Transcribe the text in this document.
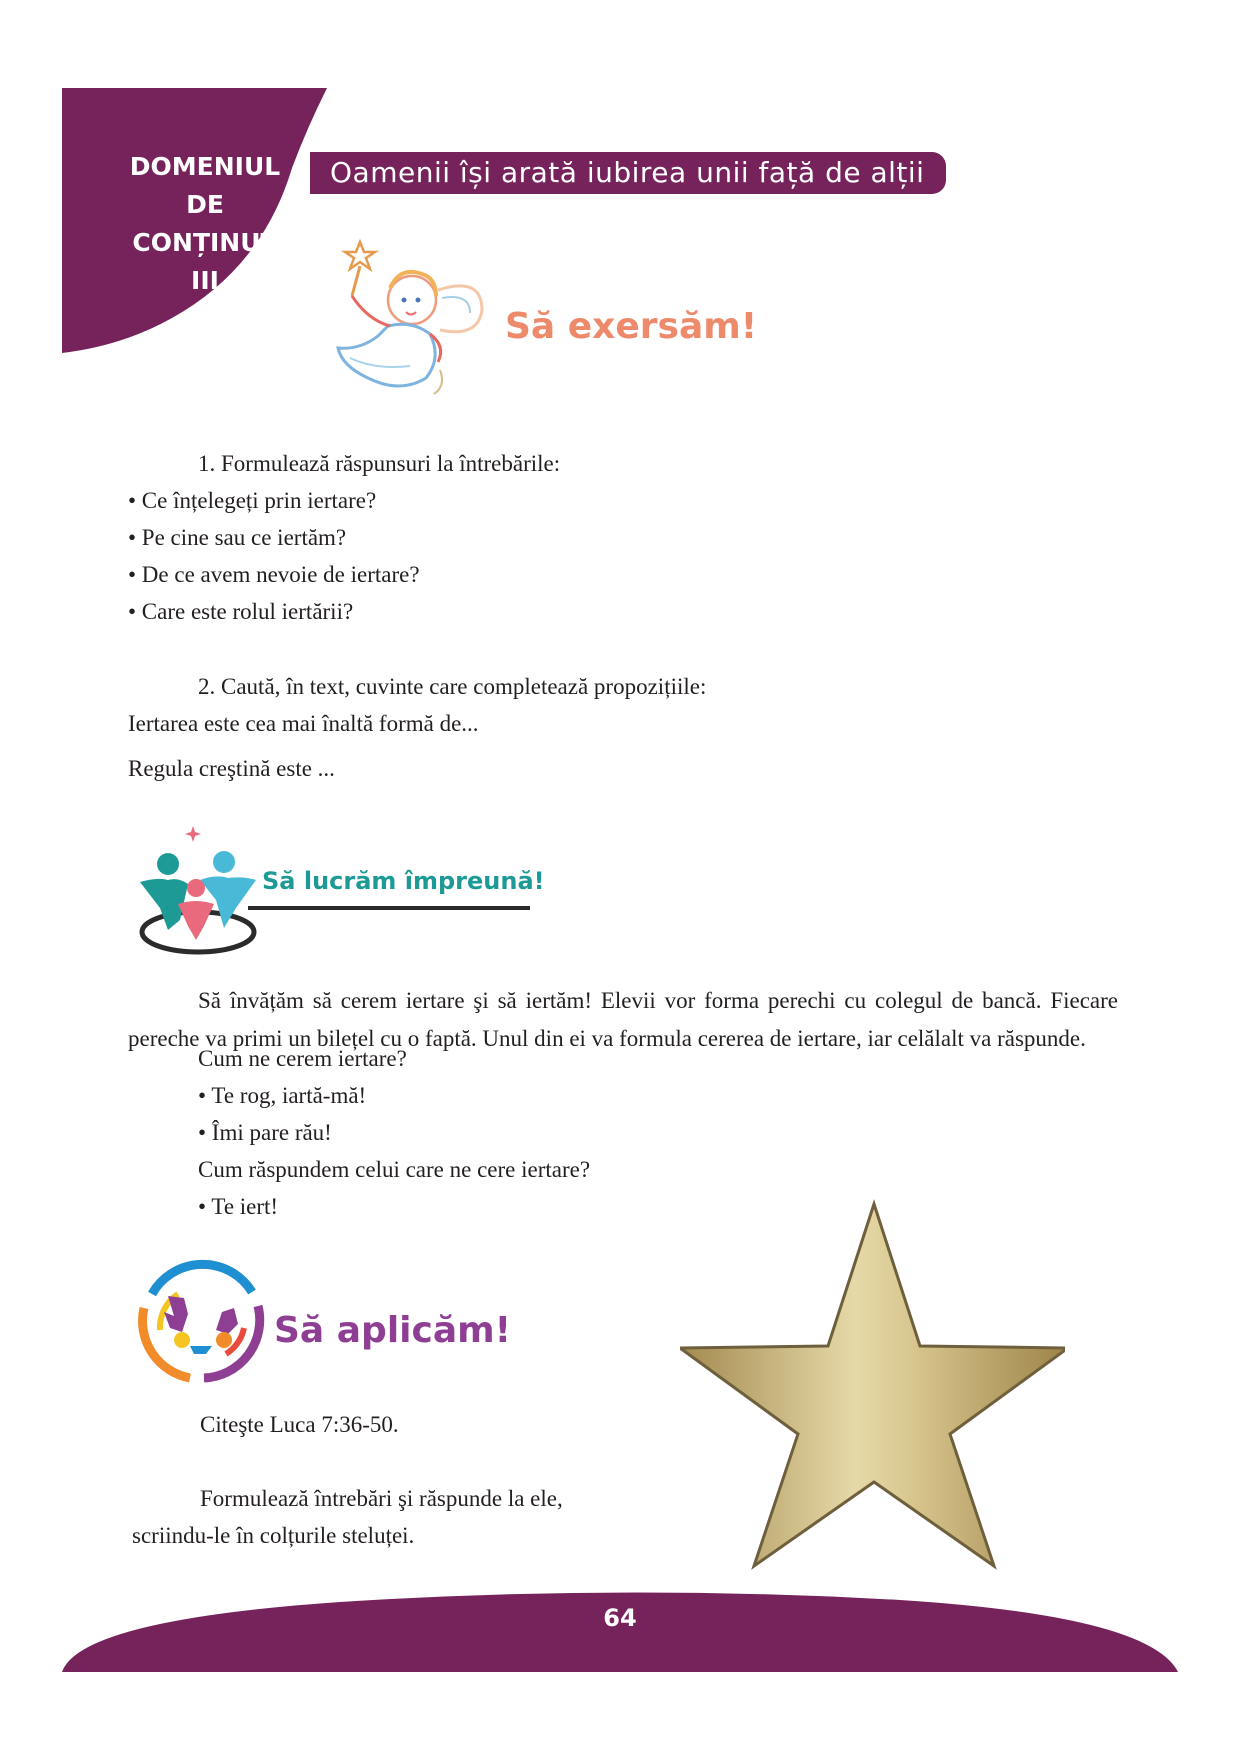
DOMENIUL
DE
CONȚINUT
III
Oamenii își arată iubirea unii față de alții
Să exersăm!
1. Formulează răspunsuri la întrebările:
• Ce înțelegeți prin iertare?
• Pe cine sau ce iertăm?
• De ce avem nevoie de iertare?
• Care este rolul iertării?
2. Caută, în text, cuvinte care completează propozițiile:
Iertarea este cea mai înaltă formă de...
Regula creştină este ...
Să lucrăm împreună!

Să învățăm să cerem iertare şi să iertăm! Elevii vor forma perechi cu colegul de bancă. Fiecare pereche va primi un bilețel cu o faptă. Unul din ei va formula cererea de iertare, iar celălalt va răspunde.

Cum ne cerem iertare?
• Te rog, iartă-mă!
• Îmi pare rău!
Cum răspundem celui care ne cere iertare?
• Te iert!
Să aplicăm!
Citeşte Luca 7:36-50.
Formulează întrebări şi răspunde la ele,
scriindu-le în colțurile steluței.
64
